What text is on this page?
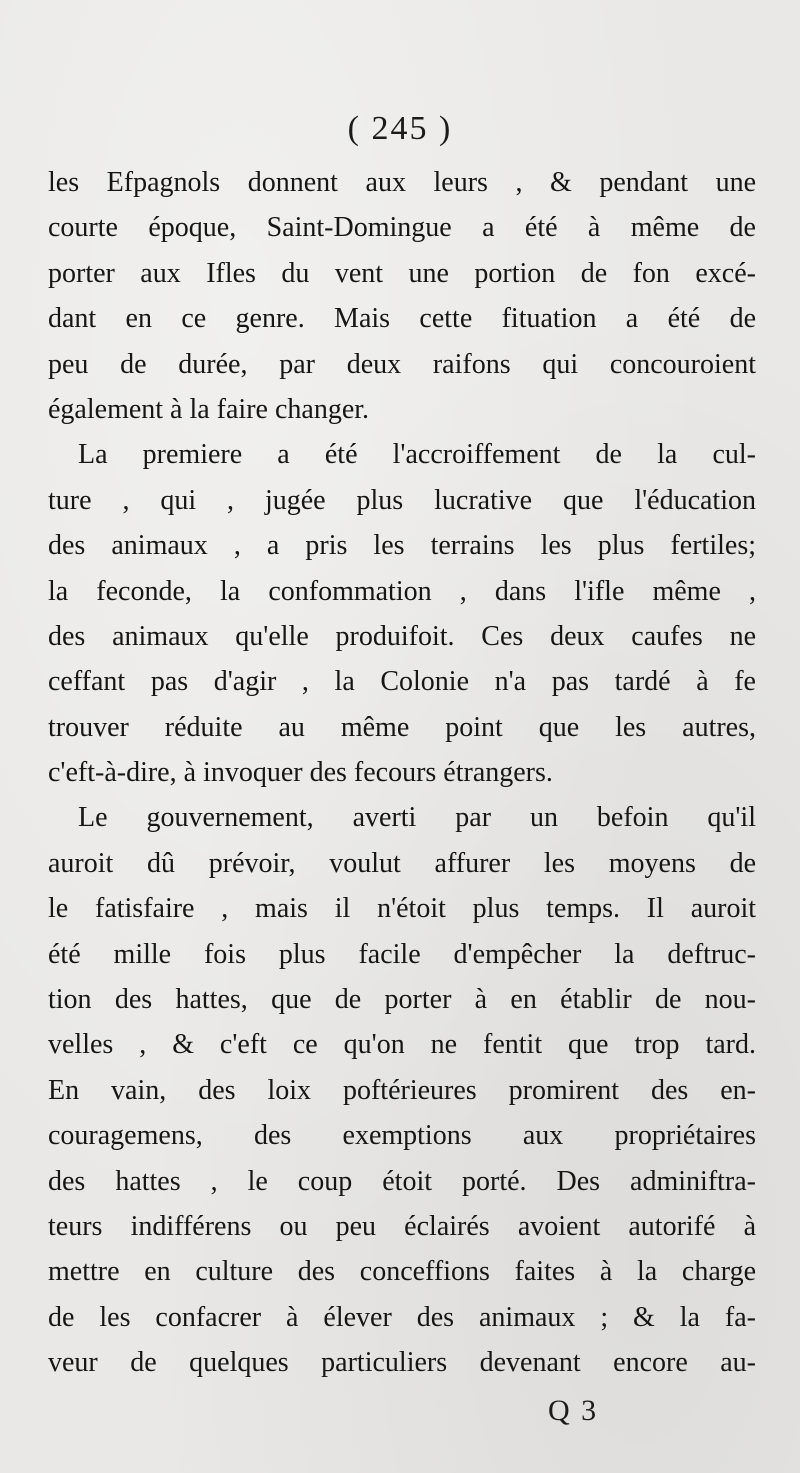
( 245 )
les Efpagnols donnent aux leurs , & pendant une
courte époque, Saint-Domingue a été à même de
porter aux Ifles du vent une portion de fon excé-
dant en ce genre. Mais cette fituation a été de
peu de durée, par deux raifons qui concouroient
également à la faire changer.
La premiere a été l'accroiffement de la cul-
ture , qui , jugée plus lucrative que l'éducation
des animaux , a pris les terrains les plus fertiles;
la feconde, la confommation , dans l'ifle même ,
des animaux qu'elle produifoit. Ces deux caufes ne
ceffant pas d'agir , la Colonie n'a pas tardé à fe
trouver réduite au même point que les autres,
c'eft-à-dire, à invoquer des fecours étrangers.
Le gouvernement, averti par un befoin qu'il
auroit dû prévoir, voulut affurer les moyens de
le fatisfaire , mais il n'étoit plus temps. Il auroit
été mille fois plus facile d'empêcher la deftruc-
tion des hattes, que de porter à en établir de nou-
velles , & c'eft ce qu'on ne fentit que trop tard.
En vain, des loix poftérieures promirent des en-
couragemens, des exemptions aux propriétaires
des hattes , le coup étoit porté. Des adminiftra-
teurs indifférens ou peu éclairés avoient autorifé à
mettre en culture des conceffions faites à la charge
de les confacrer à élever des animaux ; & la fa-
veur de quelques particuliers devenant encore au-
Q 3
